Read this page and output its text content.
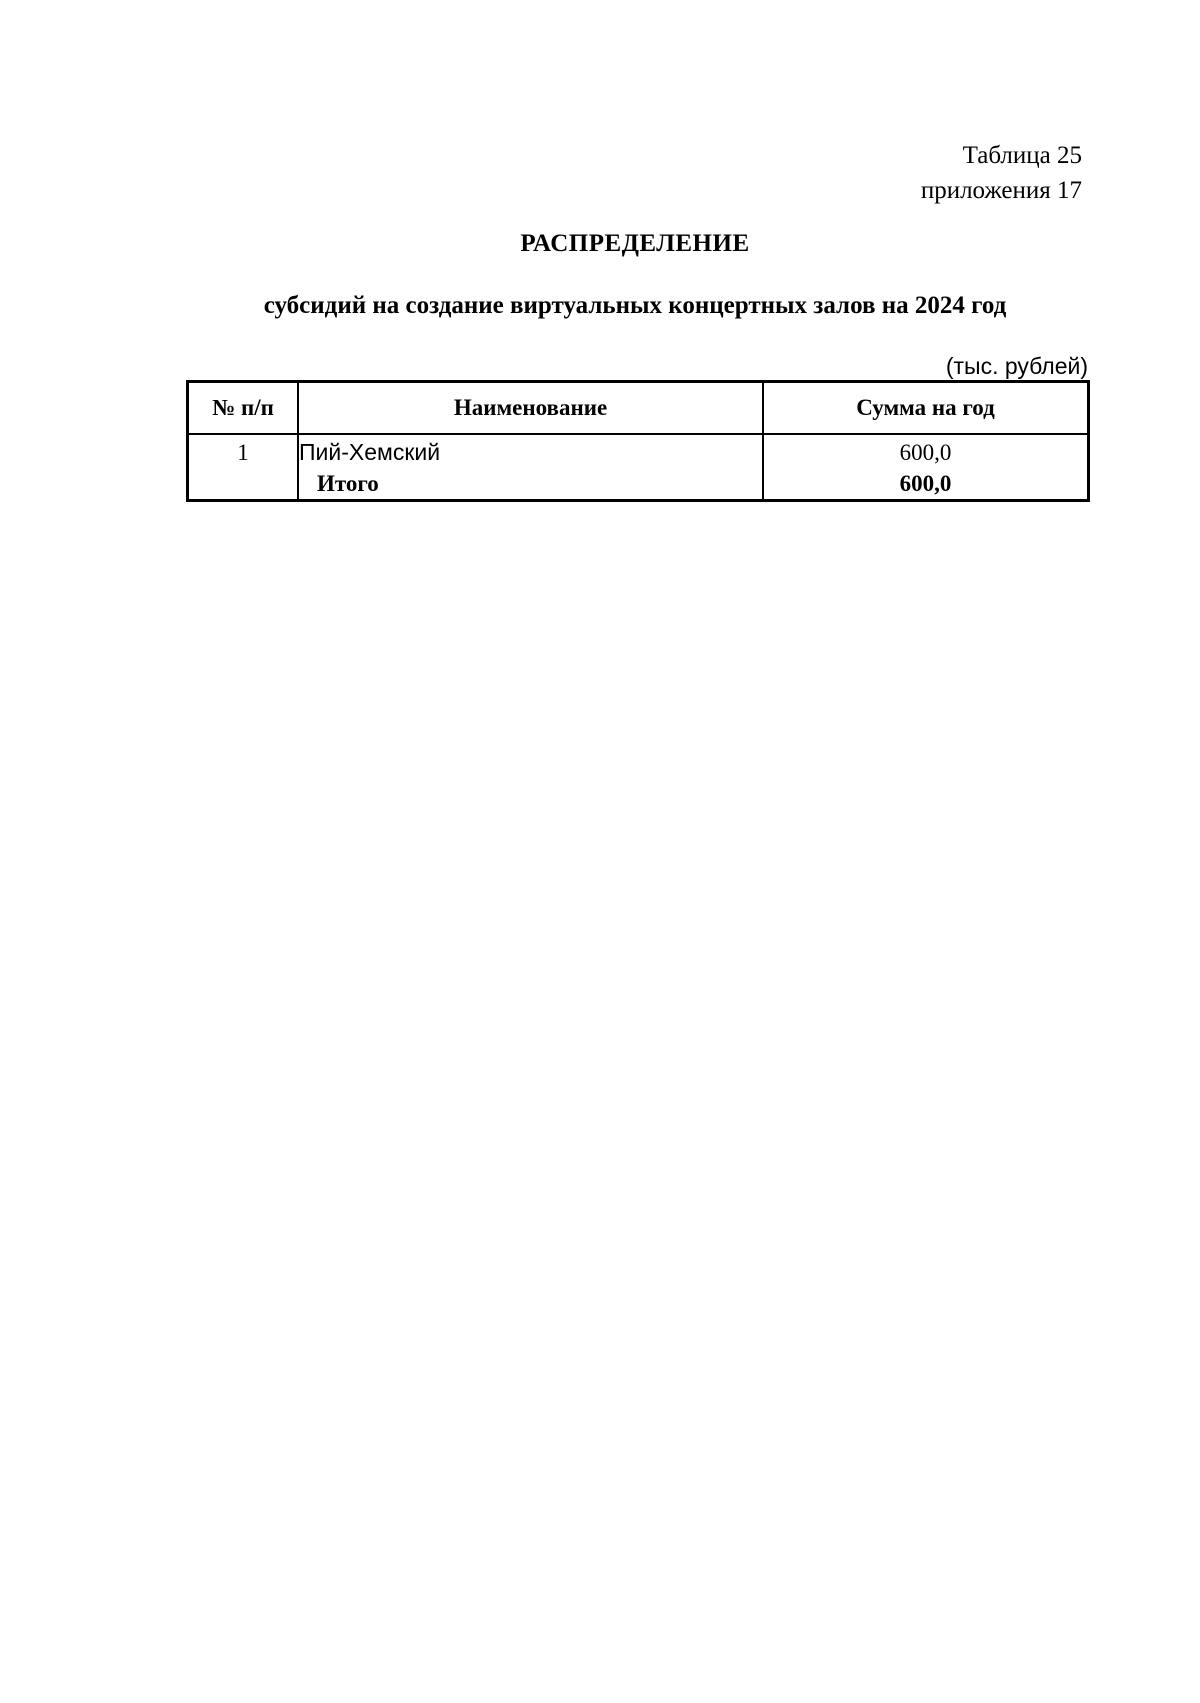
Таблица 25
приложения 17
РАСПРЕДЕЛЕНИЕ
субсидий на создание виртуальных концертных залов на 2024 год
(тыс. рублей)
№ п/п	Наименование	Сумма на год
1	Пий-Хемский	600,0
	Итого	600,0
